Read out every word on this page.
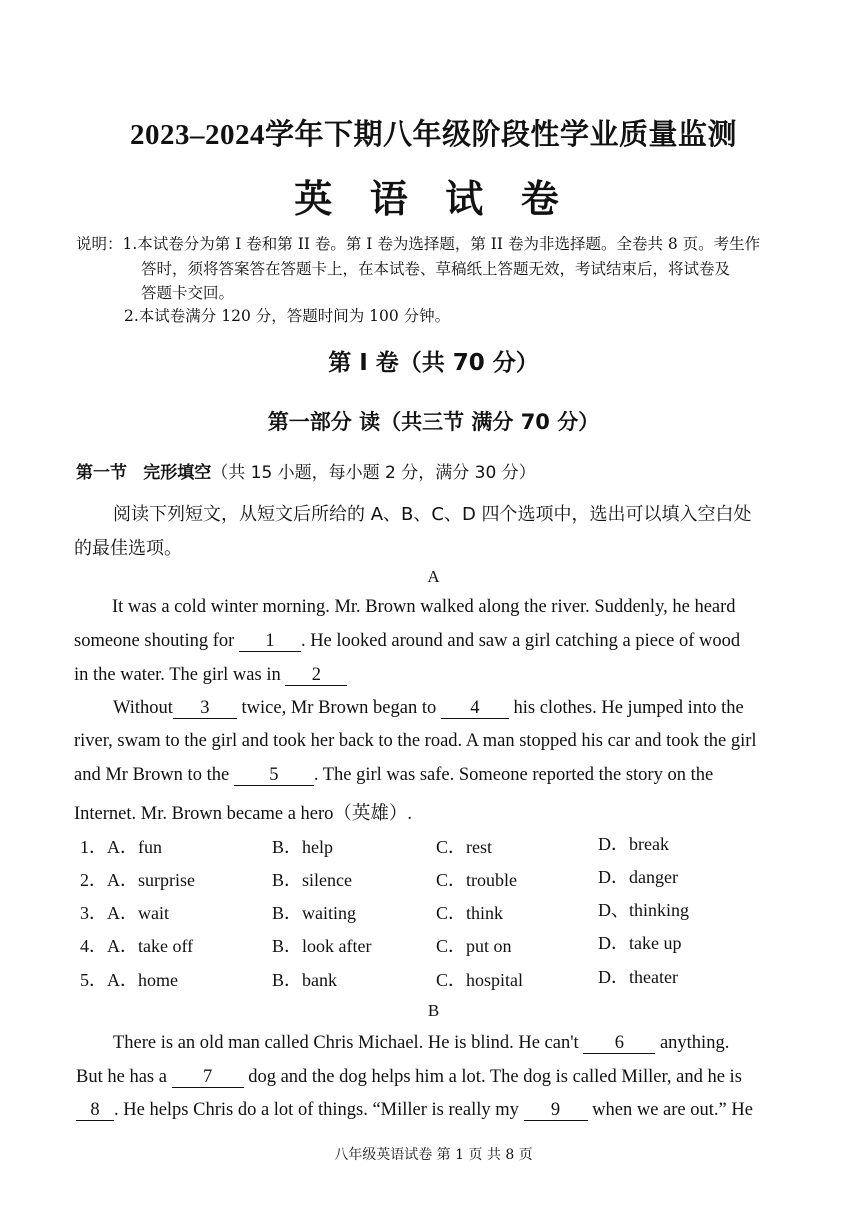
2023–2024学年下期八年级阶段性学业质量监测
英 语 试 卷
说明：1.本试卷分为第 I 卷和第 II 卷。第 I 卷为选择题，第 II 卷为非选择题。全卷共 8 页。考生作
答时，须将答案答在答题卡上，在本试卷、草稿纸上答题无效，考试结束后，将试卷及
答题卡交回。
2.本试卷满分 120 分，答题时间为 100 分钟。
第 I 卷（共 70 分）
第一部分 读（共三节 满分 70 分）
第一节 完形填空（共 15 小题，每小题 2 分，满分 30 分）
阅读下列短文，从短文后所给的 A、B、C、D 四个选项中，选出可以填入空白处
的最佳选项。
A
It was a cold winter morning. Mr. Brown walked along the river. Suddenly, he heard
someone shouting for 1 . He looked around and saw a girl catching a piece of wood
in the water. The girl was in 2
Without 3 twice, Mr Brown began to 4 his clothes. He jumped into the
river, swam to the girl and took her back to the road. A man stopped his car and took the girl
and Mr Brown to the 5 . The girl was safe. Someone reported the story on the
Internet. Mr. Brown became a hero（英雄）.
1．A．fun	B．help	C．rest	D．break
2．A．surprise	B．silence	C．trouble	D．danger
3．A．wait	B．waiting	C．think	D、thinking
4．A．take off	B．look after	C．put on	D．take up
5．A．home	B．bank	C．hospital	D．theater
B
There is an old man called Chris Michael. He is blind. He can't 6 anything.
But he has a 7 dog and the dog helps him a lot. The dog is called Miller, and he is
8 . He helps Chris do a lot of things. “Miller is really my 9 when we are out.” He
八年级英语试卷 第 1 页 共 8 页
